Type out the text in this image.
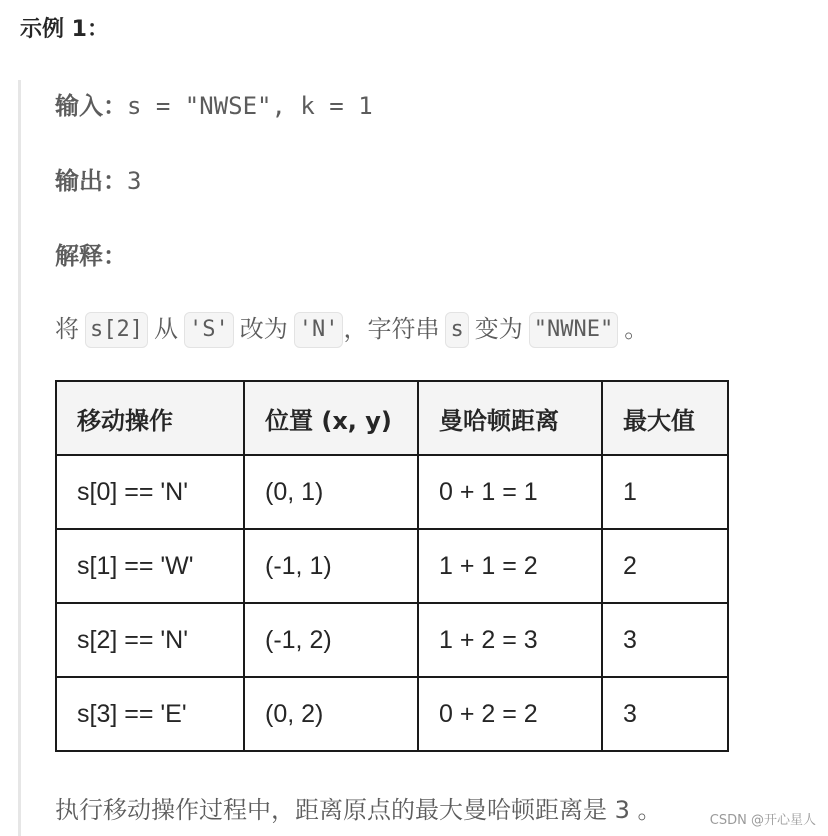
示例 1：
输入：s = "NWSE", k = 1
输出：3
解释：
将 s[2] 从 'S' 改为 'N' ，字符串 s 变为 "NWNE" 。
移动操作	位置 (x, y)	曼哈顿距离	最大值
s[0] == 'N'	(0, 1)	0 + 1 = 1	1
s[1] == 'W'	(-1, 1)	1 + 1 = 2	2
s[2] == 'N'	(-1, 2)	1 + 2 = 3	3
s[3] == 'E'	(0, 2)	0 + 2 = 2	3
执行移动操作过程中，距离原点的最大曼哈顿距离是 3 。	CSDN @开心星人
